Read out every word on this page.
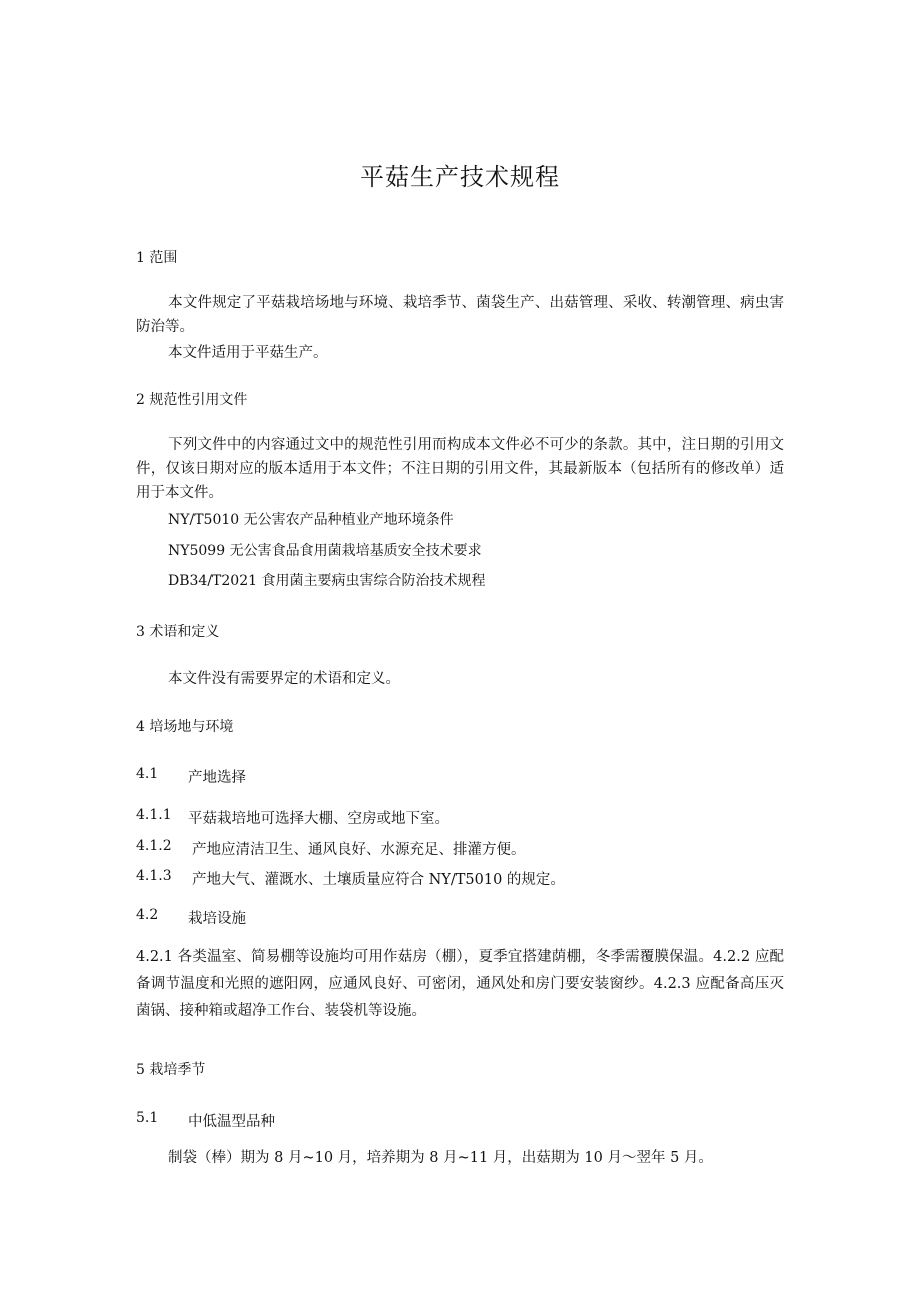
平菇生产技术规程
1 范围
本文件规定了平菇栽培场地与环境、栽培季节、菌袋生产、出菇管理、采收、转潮管理、病虫害防治等。
本文件适用于平菇生产。
2 规范性引用文件
下列文件中的内容通过文中的规范性引用而构成本文件必不可少的条款。其中，注日期的引用文件，仅该日期对应的版本适用于本文件；不注日期的引用文件，其最新版本（包括所有的修改单）适用于本文件。
NY/T5010 无公害农产品种植业产地环境条件
NY5099 无公害食品食用菌栽培基质安全技术要求
DB34/T2021 食用菌主要病虫害综合防治技术规程
3 术语和定义
本文件没有需要界定的术语和定义。
4 培场地与环境
4.1 产地选择
4.1.1 平菇栽培地可选择大棚、空房或地下室。
4.1.2 产地应清洁卫生、通风良好、水源充足、排灌方便。
4.1.3 产地大气、灌溉水、土壤质量应符合 NY/T5010 的规定。
4.2 栽培设施
4.2.1 各类温室、简易棚等设施均可用作菇房（棚），夏季宜搭建荫棚，冬季需覆膜保温。4.2.2 应配备调节温度和光照的遮阳网，应通风良好、可密闭，通风处和房门要安装窗纱。4.2.3 应配备高压灭菌锅、接种箱或超净工作台、装袋机等设施。
5 栽培季节
5.1 中低温型品种
制袋（棒）期为 8 月~10 月，培养期为 8 月~11 月，出菇期为 10 月～翌年 5 月。
